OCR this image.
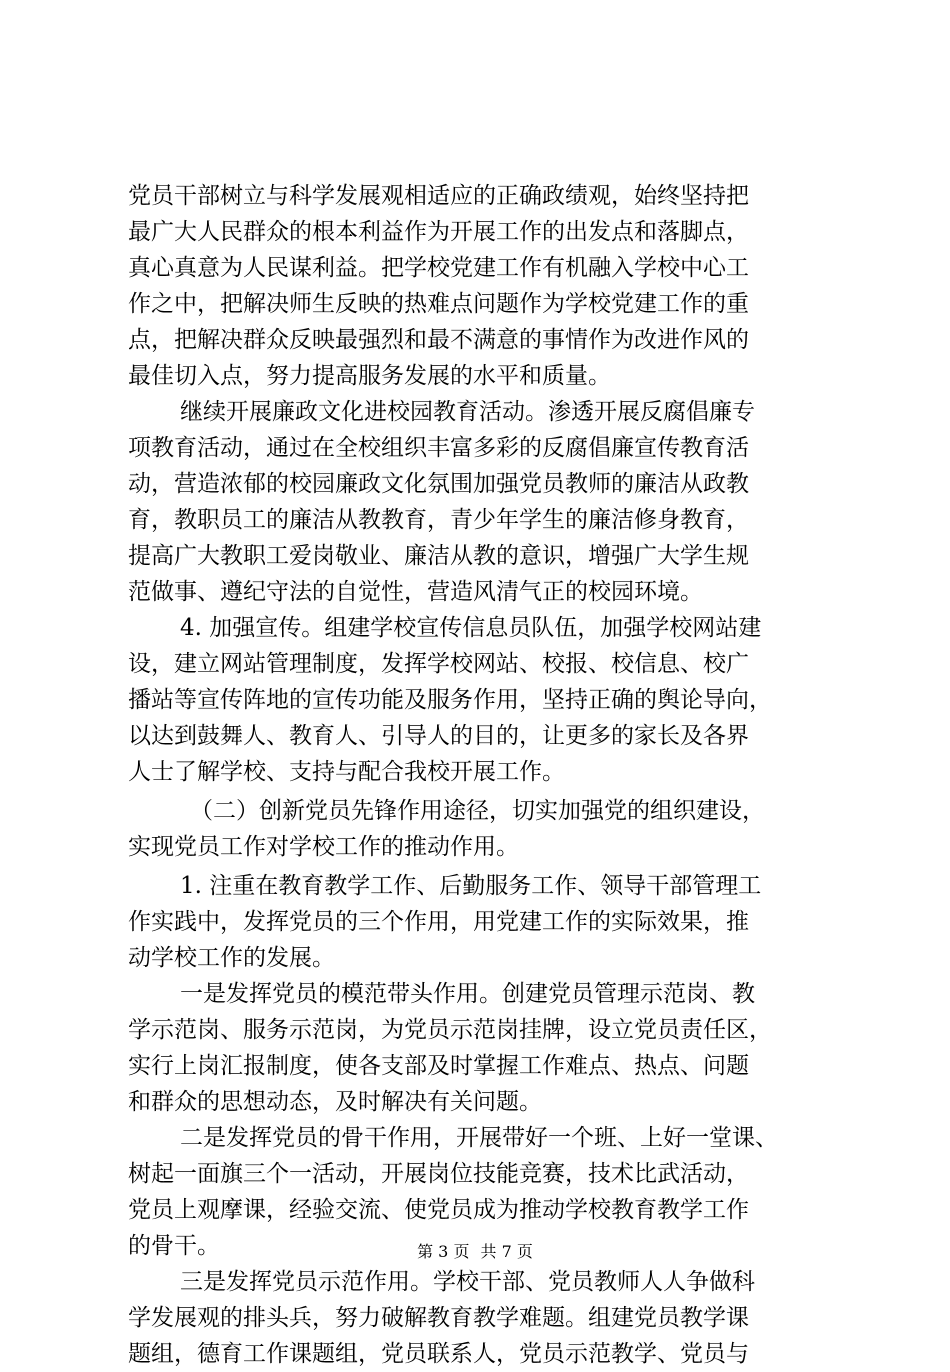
党员干部树立与科学发展观相适应的正确政绩观，始终坚持把
最广大人民群众的根本利益作为开展工作的出发点和落脚点，
真心真意为人民谋利益。把学校党建工作有机融入学校中心工
作之中，把解决师生反映的热难点问题作为学校党建工作的重
点，把解决群众反映最强烈和最不满意的事情作为改进作风的
最佳切入点，努力提高服务发展的水平和质量。
继续开展廉政文化进校园教育活动。渗透开展反腐倡廉专
项教育活动，通过在全校组织丰富多彩的反腐倡廉宣传教育活
动，营造浓郁的校园廉政文化氛围加强党员教师的廉洁从政教
育，教职员工的廉洁从教教育，青少年学生的廉洁修身教育，
提高广大教职工爱岗敬业、廉洁从教的意识，增强广大学生规
范做事、遵纪守法的自觉性，营造风清气正的校园环境。
4. 加强宣传。组建学校宣传信息员队伍，加强学校网站建
设，建立网站管理制度，发挥学校网站、校报、校信息、校广
播站等宣传阵地的宣传功能及服务作用，坚持正确的舆论导向，
以达到鼓舞人、教育人、引导人的目的，让更多的家长及各界
人士了解学校、支持与配合我校开展工作。
（二）创新党员先锋作用途径，切实加强党的组织建设，
实现党员工作对学校工作的推动作用。
1. 注重在教育教学工作、后勤服务工作、领导干部管理工
作实践中，发挥党员的三个作用，用党建工作的实际效果，推
动学校工作的发展。
一是发挥党员的模范带头作用。创建党员管理示范岗、教
学示范岗、服务示范岗，为党员示范岗挂牌，设立党员责任区，
实行上岗汇报制度，使各支部及时掌握工作难点、热点、问题
和群众的思想动态，及时解决有关问题。
二是发挥党员的骨干作用，开展带好一个班、上好一堂课、
树起一面旗三个一活动，开展岗位技能竞赛，技术比武活动，
党员上观摩课，经验交流、使党员成为推动学校教育教学工作
的骨干。
三是发挥党员示范作用。学校干部、党员教师人人争做科
学发展观的排头兵，努力破解教育教学难题。组建党员教学课
题组，德育工作课题组，党员联系人，党员示范教学、党员与
第 3 页 共 7 页
